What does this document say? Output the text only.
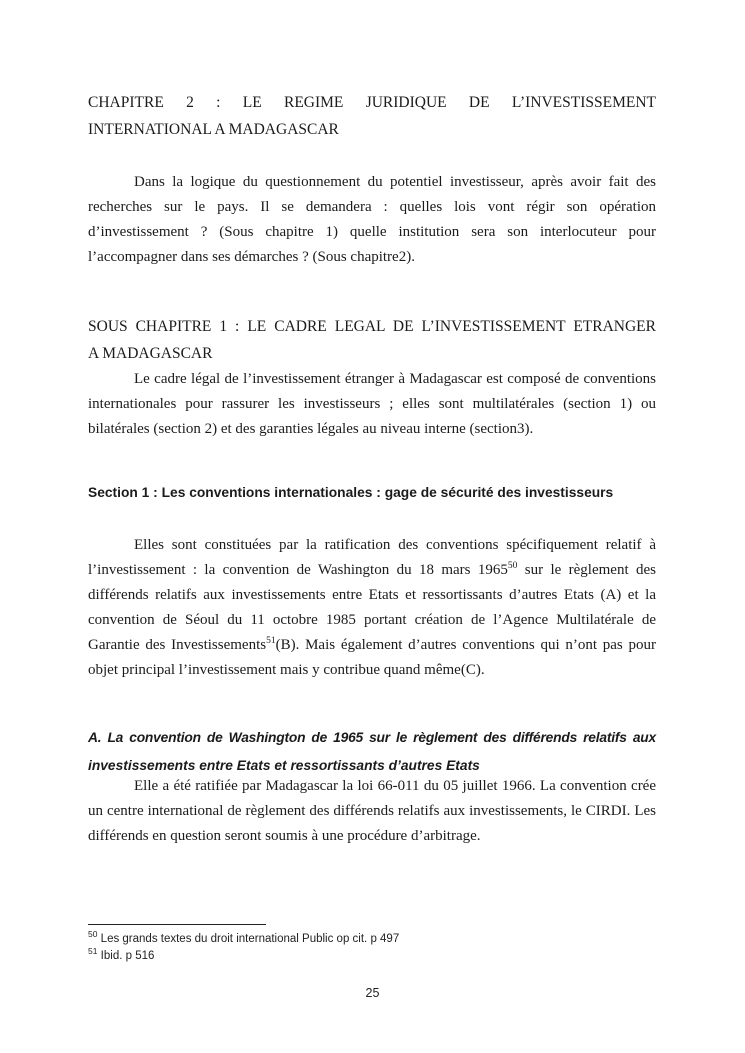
CHAPITRE 2 : LE REGIME JURIDIQUE DE L’INVESTISSEMENT
INTERNATIONAL A MADAGASCAR

Dans la logique du questionnement du potentiel investisseur, après avoir fait des recherches sur le pays. Il se demandera : quelles lois vont régir son opération d’investissement ? (Sous chapitre 1) quelle institution sera son interlocuteur pour l’accompagner dans ses démarches ? (Sous chapitre2).

SOUS CHAPITRE 1 : LE CADRE LEGAL DE L’INVESTISSEMENT ETRANGER
A MADAGASCAR

Le cadre légal de l’investissement étranger à Madagascar est composé de conventions internationales pour rassurer les investisseurs ; elles sont multilatérales (section 1) ou bilatérales (section 2) et des garanties légales au niveau interne (section3).

Section 1 : Les conventions internationales : gage de sécurité des investisseurs

Elles sont constituées par la ratification des conventions spécifiquement relatif à l’investissement : la convention de Washington du 18 mars 1965$^{50}$ sur le règlement des différends relatifs aux investissements entre Etats et ressortissants d’autres Etats (A) et la convention de Séoul du 11 octobre 1985 portant création de l’Agence Multilatérale de Garantie des Investissements$^{51}$(B). Mais également d’autres conventions qui n’ont pas pour objet principal l’investissement mais y contribue quand même(C).

A. La convention de Washington de 1965 sur le règlement des différends relatifs aux
investissements entre Etats et ressortissants d’autres Etats

Elle a été ratifiée par Madagascar la loi 66-011 du 05 juillet 1966. La convention crée un centre international de règlement des différends relatifs aux investissements, le CIRDI. Les différends en question seront soumis à une procédure d’arbitrage.

$^{50}$ Les grands textes du droit international Public op cit. p 497
$^{51}$ Ibid. p 516
25
